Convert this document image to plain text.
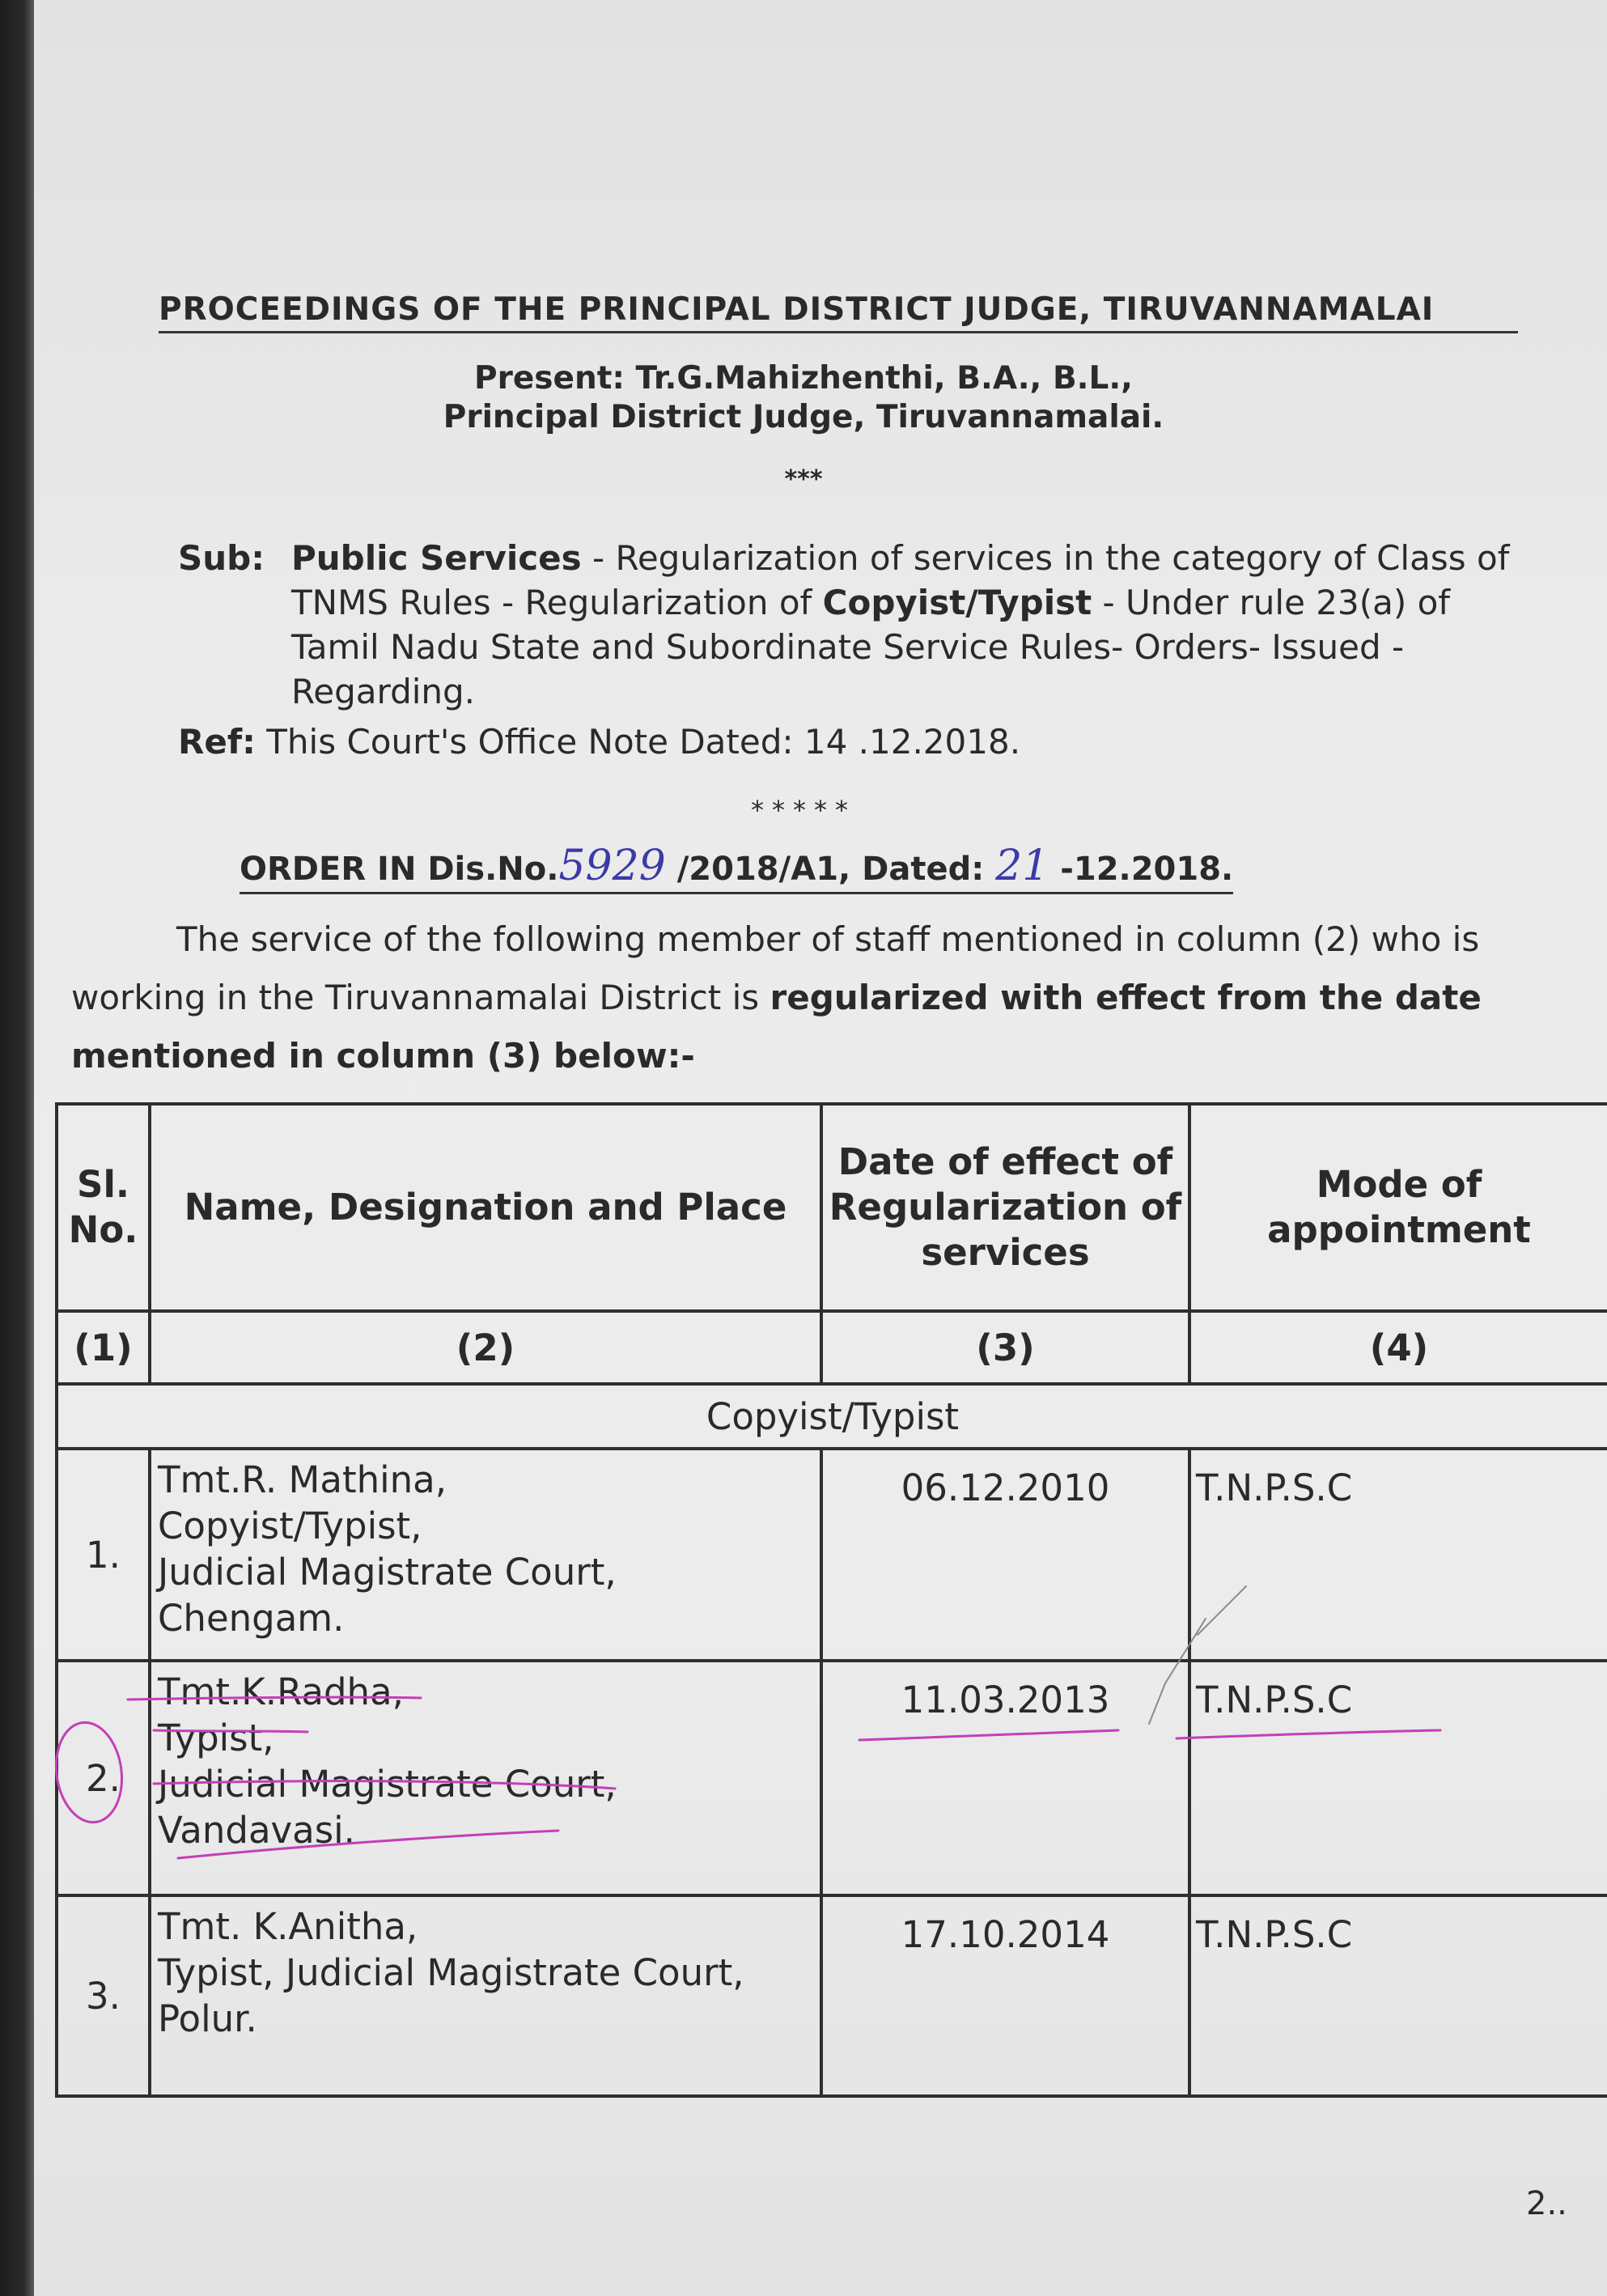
PROCEEDINGS OF THE PRINCIPAL DISTRICT JUDGE, TIRUVANNAMALAI
Present: Tr.G.Mahizhenthi, B.A., B.L.,
Principal District Judge, Tiruvannamalai.
***
Sub: Public Services - Regularization of services in the category of Class of TNMS Rules - Regularization of Copyist/Typist - Under rule 23(a) of Tamil Nadu State and Subordinate Service Rules- Orders- Issued - Regarding.
Ref: This Court's Office Note Dated: 14 .12.2018.
*****
ORDER IN Dis.No.5929 /2018/A1, Dated: 21 -12.2018.
The service of the following member of staff mentioned in column (2) who is working in the Tiruvannamalai District is regularized with effect from the date mentioned in column (3) below:-
Sl. No.	Name, Designation and Place	Date of effect of Regularization of services	Mode of appointment
(1)	(2)	(3)	(4)
Copyist/Typist			
1.	Tmt.R. Mathina,
Copyist/Typist,
Judicial Magistrate Court,
Chengam.	06.12.2010	T.N.P.S.C
2.	Tmt.K.Radha,
Typist,
Judicial Magistrate Court,
Vandavasi.	11.03.2013	T.N.P.S.C
3.	Tmt. K.Anitha,
Typist, Judicial Magistrate Court,
Polur.	17.10.2014	T.N.P.S.C
2..
